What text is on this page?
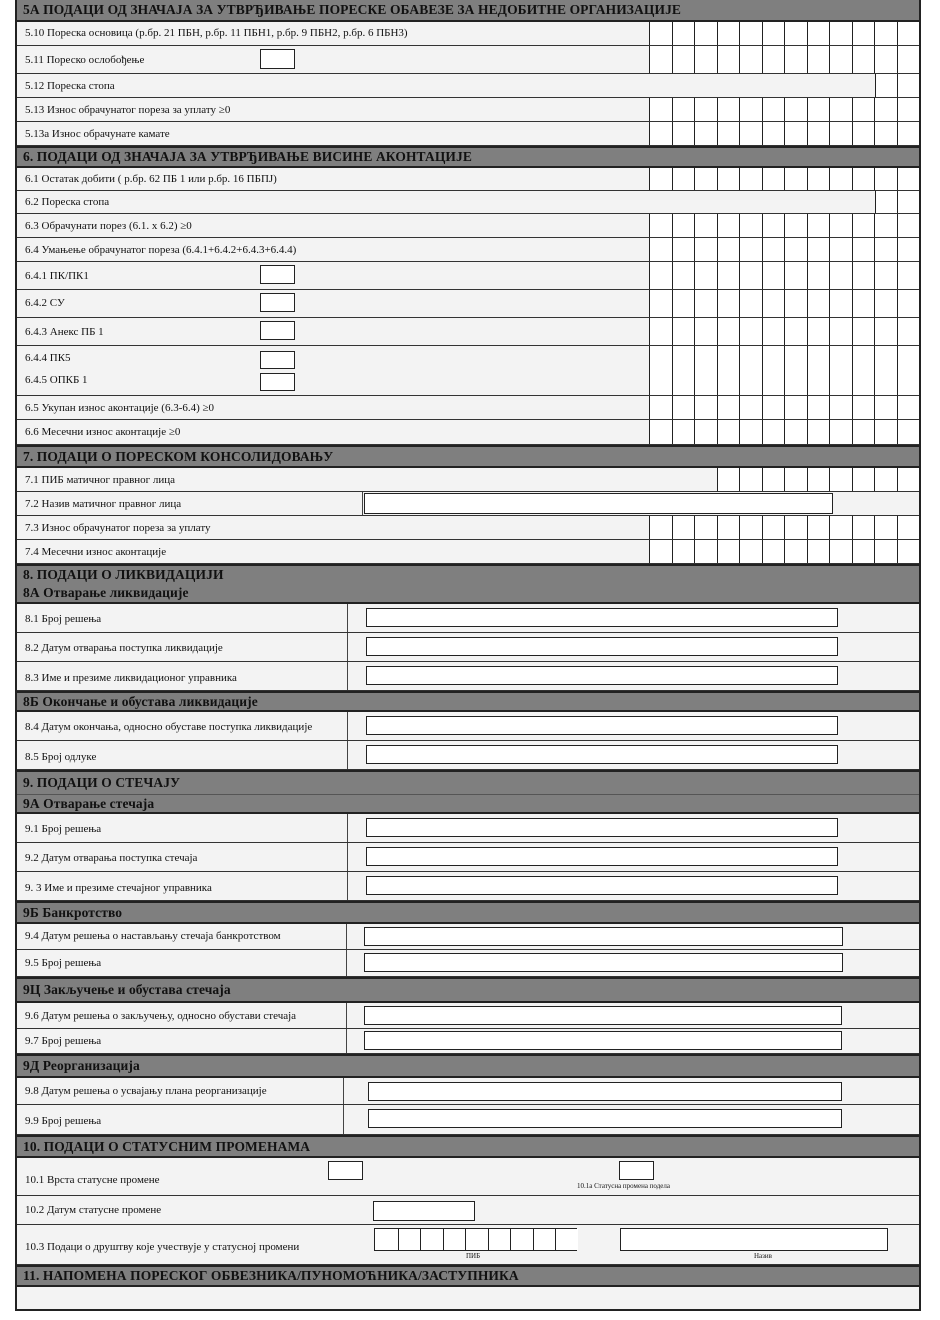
5А ПОДАЦИ ОД ЗНАЧАЈА ЗА УТВРЂИВАЊЕ ПОРЕСКЕ ОБАВЕЗЕ ЗА НЕДОБИТНЕ ОРГАНИЗАЦИЈЕ
5.10 Пореска основица (р.бр. 21 ПБН, р.бр. 11 ПБН1, р.бр. 9 ПБН2, р.бр. 6 ПБН3)
5.11 Пореско ослобођење
5.12 Пореска стопа
5.13 Износ обрачунатог пореза за уплату ≥0
5.13а Износ обрачунате камате
6. ПОДАЦИ ОД ЗНАЧАЈА ЗА УТВРЂИВАЊЕ ВИСИНЕ АКОНТАЦИЈЕ
6.1 Остатак добити ( р.бр. 62 ПБ 1 или р.бр. 16 ПБПЈ)
6.2 Пореска стопа
6.3 Обрачунати порез (6.1. х 6.2) ≥0
6.4 Умањење обрачунатог пореза (6.4.1+6.4.2+6.4.3+6.4.4)
6.4.1 ПК/ПК1
6.4.2 СУ
6.4.3 Анекс ПБ 1
6.4.4 ПК5
6.4.5 ОПКБ 1
6.5 Укупан износ аконтације (6.3-6.4) ≥0
6.6 Месечни износ аконтације ≥0
7. ПОДАЦИ О ПОРЕСКОМ КОНСОЛИДОВАЊУ
7.1 ПИБ матичног правног лица
7.2 Назив матичног правног лица
7.3 Износ обрачунатог пореза за уплату
7.4 Месечни износ аконтације
8. ПОДАЦИ О ЛИКВИДАЦИЈИ
8А Отварање ликвидације
8.1 Број решења
8.2 Датум отварања поступка ликвидације
8.3 Име и презиме ликвидационог управника
8Б Окончање и обустава ликвидације
8.4 Датум окончања, односно обуставе поступка ликвидације
8.5 Број одлуке
9. ПОДАЦИ О СТЕЧАЈУ
9А Отварање стечаја
9.1 Број решења
9.2 Датум отварања поступка стечаја
9. 3 Име и презиме стечајног управника
9Б Банкротство
9.4 Датум решења о настављању стечаја банкротством
9.5 Број решења
9Ц Закључење и обустава стечаја
9.6 Датум решења о закључењу, односно обустави стечаја
9.7 Број решења
9Д Реорганизација
9.8 Датум решења о усвајању плана реорганизације
9.9 Број решења
10. ПОДАЦИ О СТАТУСНИМ ПРОМЕНАМА
10.1 Врста статусне промене	10.1а Статусна промена подела
10.2 Датум статусне промене
10.3 Подаци о друштву које учествује у статусној промени
ПИБ	Назив
11. НАПОМЕНА ПОРЕСКОГ ОБВЕЗНИКА/ПУНОМОЋНИКА/ЗАСТУПНИКА
